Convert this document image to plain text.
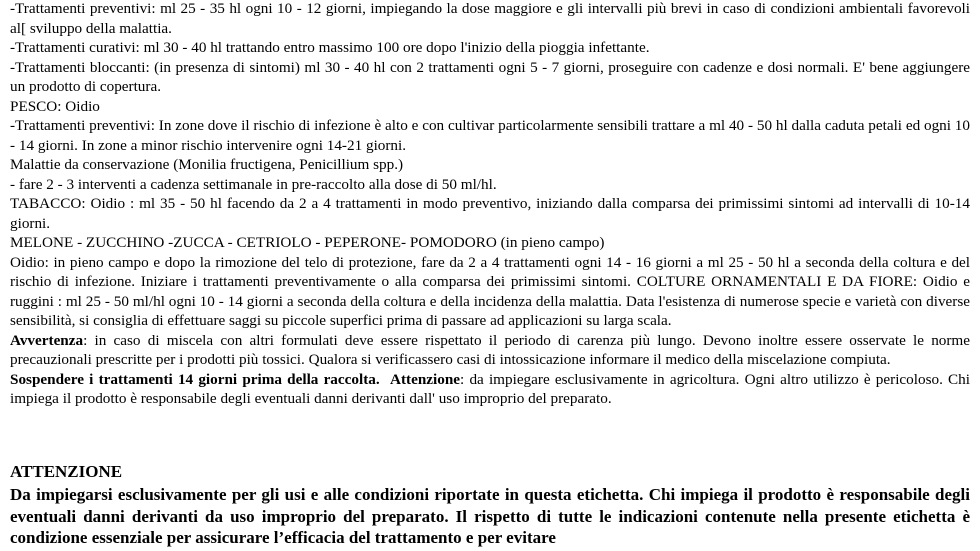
-Trattamenti preventivi: ml 25 - 35 hl ogni 10 - 12 giorni, impiegando la dose maggiore e gli intervalli più brevi in caso di condizioni ambientali favorevoli al[ sviluppo della malattia.

-Trattamenti curativi: ml 30 - 40 hl trattando entro massimo 100 ore dopo l'inizio della pioggia infettante.

-Trattamenti bloccanti: (in presenza di sintomi) ml 30 - 40 hl con 2 trattamenti ogni 5 - 7 giorni, proseguire con cadenze e dosi normali. E' bene aggiungere un prodotto di copertura.

PESCO: Oidio

-Trattamenti preventivi: In zone dove il rischio di infezione è alto e con cultivar particolarmente sensibili trattare a ml 40 - 50 hl dalla caduta petali ed ogni 10 - 14 giorni. In zone a minor rischio intervenire ogni 14-21 giorni.

Malattie da conservazione (Monilia fructigena, Penicillium spp.)

- fare 2 - 3 interventi a cadenza settimanale in pre-raccolto alla dose di 50 ml/hl.

TABACCO: Oidio : ml 35 - 50 hl facendo da 2 a 4 trattamenti in modo preventivo, iniziando dalla comparsa dei primissimi sintomi ad intervalli di 10-14 giorni.

MELONE - ZUCCHINO -ZUCCA - CETRIOLO - PEPERONE- POMODORO (in pieno campo)

Oidio: in pieno campo e dopo la rimozione del telo di protezione, fare da 2 a 4 trattamenti ogni 14 - 16 giorni a ml 25 - 50 hl a seconda della coltura e del rischio di infezione. Iniziare i trattamenti preventivamente o alla comparsa dei primissimi sintomi. COLTURE ORNAMENTALI E DA FIORE: Oidio e ruggini : ml 25 - 50 ml/hl ogni 10 - 14 giorni a seconda della coltura e della incidenza della malattia. Data l'esistenza di numerose specie e varietà con diverse sensibilità, si consiglia di effettuare saggi su piccole superfici prima di passare ad applicazioni su larga scala.

Avvertenza: in caso di miscela con altri formulati deve essere rispettato il periodo di carenza più lungo. Devono inoltre essere osservate le norme precauzionali prescritte per i prodotti più tossici. Qualora si verificassero casi di intossicazione informare il medico della miscelazione compiuta.

Sospendere i trattamenti 14 giorni prima della raccolta. Attenzione: da impiegare esclusivamente in agricoltura. Ogni altro utilizzo è pericoloso. Chi impiega il prodotto è responsabile degli eventuali danni derivanti dall' uso improprio del preparato.

ATTENZIONE

Da impiegarsi esclusivamente per gli usi e alle condizioni riportate in questa etichetta. Chi impiega il prodotto è responsabile degli eventuali danni derivanti da uso improprio del preparato. Il rispetto di tutte le indicazioni contenute nella presente etichetta è condizione essenziale per assicurare l’efficacia del trattamento e per evitare
